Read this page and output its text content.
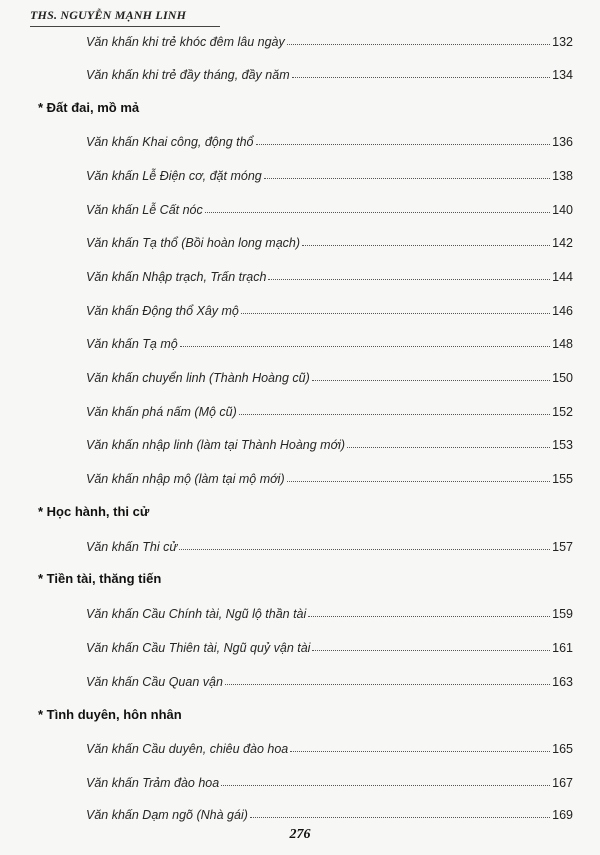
THS. NGUYỄN MẠNH LINH
Văn khấn khi trẻ khóc đêm lâu ngày	132
Văn khấn khi trẻ đầy tháng, đầy năm	134
* Đất đai, mồ mả
Văn khấn Khai công, động thổ	136
Văn khấn Lễ Điện cơ, đặt móng	138
Văn khấn Lễ Cất nóc	140
Văn khấn Tạ thổ (Bồi hoàn long mạch)	142
Văn khấn Nhập trạch, Trấn trạch	144
Văn khấn Động thổ Xây mộ	146
Văn khấn Tạ mộ	148
Văn khấn chuyển linh (Thành Hoàng cũ)	150
Văn khấn phá nấm (Mộ cũ)	152
Văn khấn nhập linh (làm tại Thành Hoàng mới)	153
Văn khấn nhập mộ (làm tại mộ mới)	155
* Học hành, thi cử
Văn khấn Thi cử	157
* Tiền tài, thăng tiến
Văn khấn Cầu Chính tài, Ngũ lộ thần tài	159
Văn khấn Cầu Thiên tài, Ngũ quỷ vận tài	161
Văn khấn Cầu Quan vận	163
* Tình duyên, hôn nhân
Văn khấn Cầu duyên, chiêu đào hoa	165
Văn khấn Trảm đào hoa	167
Văn khấn Dạm ngõ (Nhà gái)	169
276
